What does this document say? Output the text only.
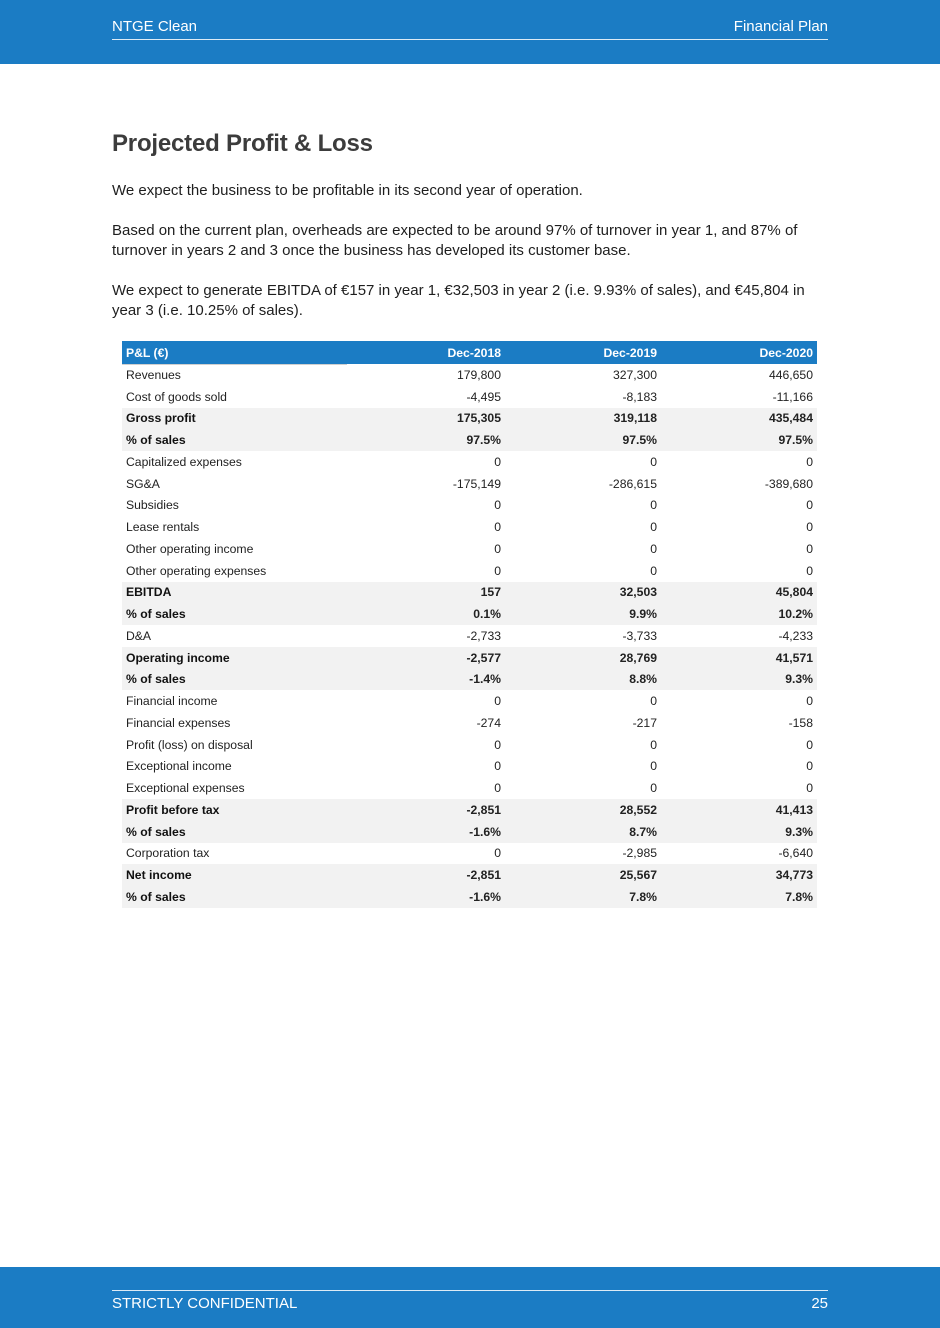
NTGE Clean	Financial Plan
Projected Profit & Loss

We expect the business to be profitable in its second year of operation.

Based on the current plan, overheads are expected to be around 97% of turnover in year 1, and 87% of turnover in years 2 and 3 once the business has developed its customer base.

We expect to generate EBITDA of €157 in year 1, €32,503 in year 2 (i.e. 9.93% of sales), and €45,804 in year 3 (i.e. 10.25% of sales).

P&L (€)	Dec-2018	Dec-2019	Dec-2020
Revenues	179,800	327,300	446,650
Cost of goods sold	-4,495	-8,183	-11,166
Gross profit	175,305	319,118	435,484
% of sales	97.5%	97.5%	97.5%
Capitalized expenses	0	0	0
SG&A	-175,149	-286,615	-389,680
Subsidies	0	0	0
Lease rentals	0	0	0
Other operating income	0	0	0
Other operating expenses	0	0	0
EBITDA	157	32,503	45,804
% of sales	0.1%	9.9%	10.2%
D&A	-2,733	-3,733	-4,233
Operating income	-2,577	28,769	41,571
% of sales	-1.4%	8.8%	9.3%
Financial income	0	0	0
Financial expenses	-274	-217	-158
Profit (loss) on disposal	0	0	0
Exceptional income	0	0	0
Exceptional expenses	0	0	0
Profit before tax	-2,851	28,552	41,413
% of sales	-1.6%	8.7%	9.3%
Corporation tax	0	-2,985	-6,640
Net income	-2,851	25,567	34,773
% of sales	-1.6%	7.8%	7.8%
STRICTLY CONFIDENTIAL	25
